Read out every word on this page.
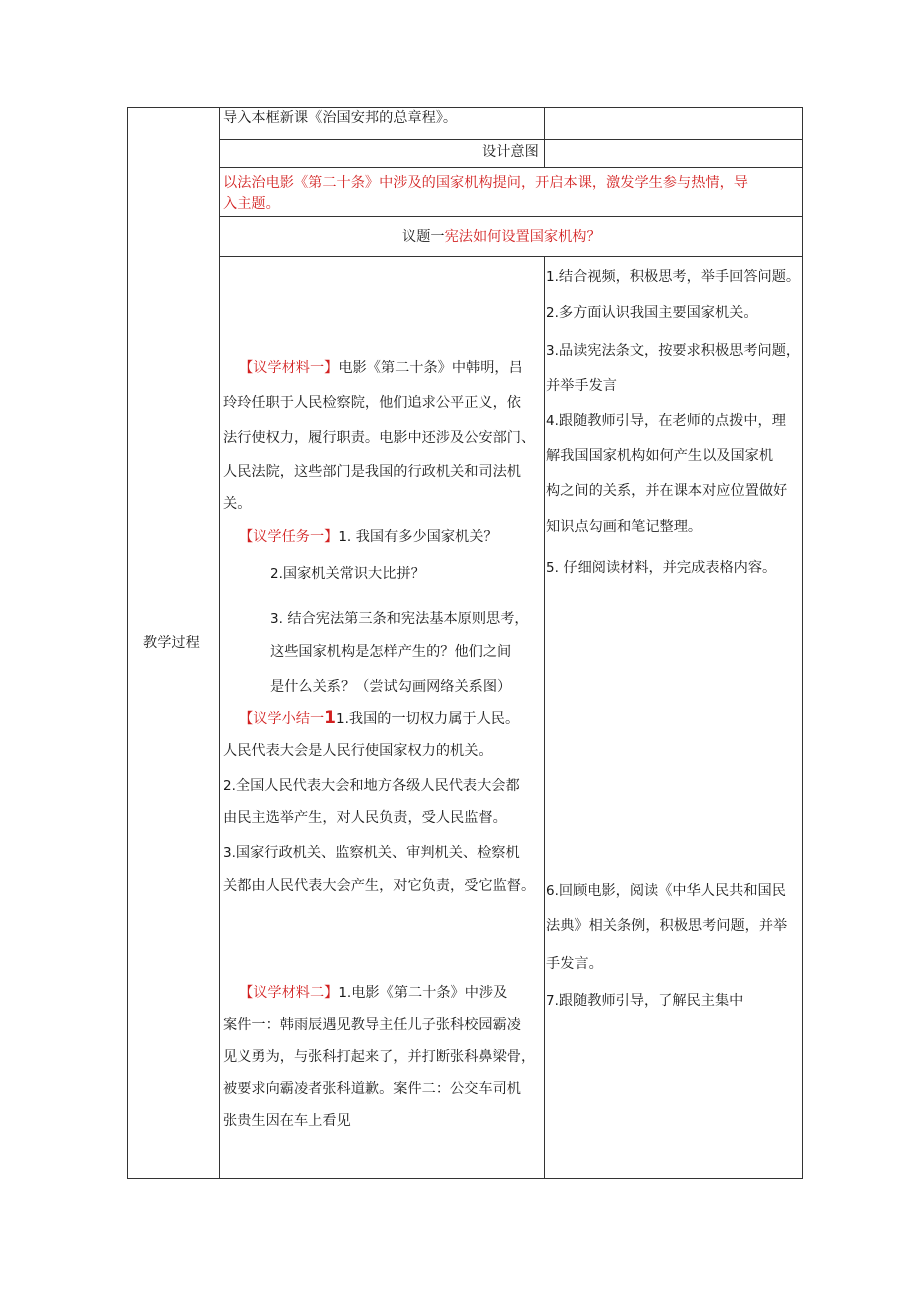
教学过程
导入本框新课《治国安邦的总章程》。
设计意图
以法治电影《第二十条》中涉及的国家机构提问，开启本课，激发学生参与热情，导
入主题。
议题一宪法如何设置国家机构？
【议学材料一】电影《第二十条》中韩明，吕
玲玲任职于人民检察院，他们追求公平正义，依
法行使权力，履行职责。电影中还涉及公安部门、
人民法院，这些部门是我国的行政机关和司法机
关。
【议学任务一】1. 我国有多少国家机关？
2.国家机关常识大比拼？
3. 结合宪法第三条和宪法基本原则思考，
这些国家机构是怎样产生的？他们之间
是什么关系？（尝试勾画网络关系图）
【议学小结一11.我国的一切权力属于人民。
人民代表大会是人民行使国家权力的机关。
2.全国人民代表大会和地方各级人民代表大会都
由民主选举产生，对人民负责，受人民监督。
3.国家行政机关、监察机关、审判机关、检察机
关都由人民代表大会产生，对它负责，受它监督。
【议学材料二】1.电影《第二十条》中涉及
案件一：韩雨辰遇见教导主任儿子张科校园霸凌
见义勇为，与张科打起来了，并打断张科鼻梁骨，
被要求向霸凌者张科道歉。案件二：公交车司机
张贵生因在车上看见
1.结合视频，积极思考，举手回答问题。
2.多方面认识我国主要国家机关。
3.品读宪法条文，按要求积极思考问题，
并举手发言
4.跟随教师引导，在老师的点拨中，理
解我国国家机构如何产生以及国家机
构之间的关系，并在课本对应位置做好
知识点勾画和笔记整理。
5. 仔细阅读材料，并完成表格内容。
6.回顾电影，阅读《中华人民共和国民
法典》相关条例，积极思考问题，并举
手发言。
7.跟随教师引导，了解民主集中
